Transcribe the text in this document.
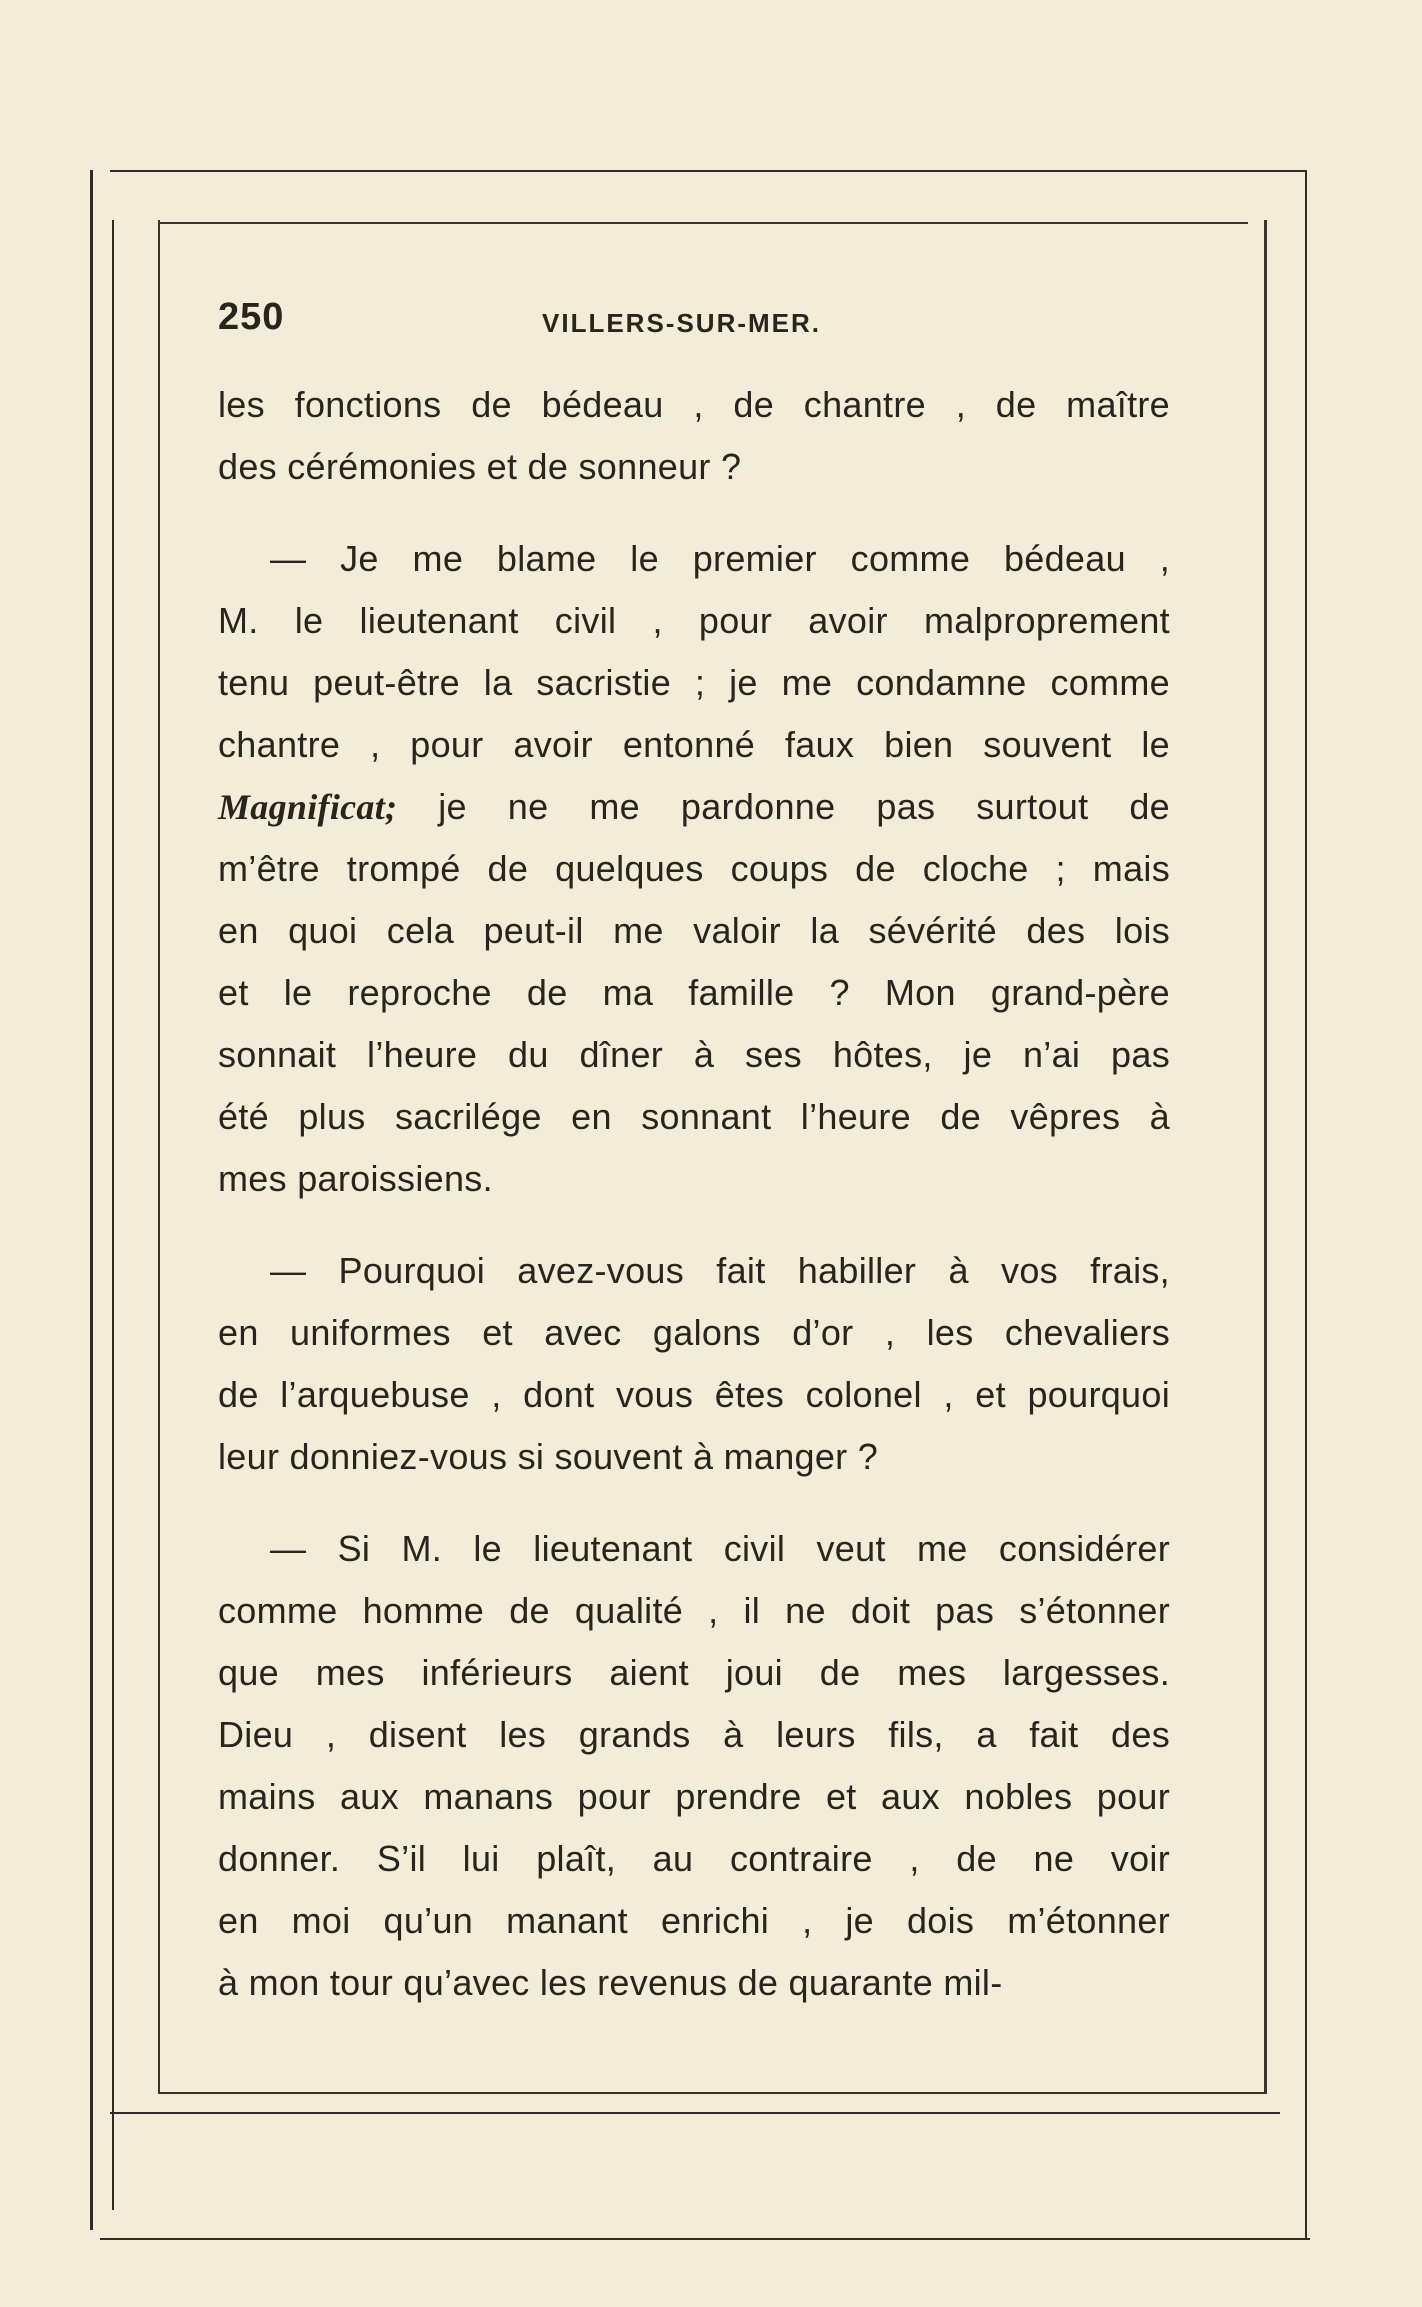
250	VILLERS-SUR-MER.
les fonctions de bédeau , de chantre , de maître
des cérémonies et de sonneur ?
— Je me blame le premier comme bédeau ,
M. le lieutenant civil , pour avoir malproprement
tenu peut-être la sacristie ; je me condamne comme
chantre , pour avoir entonné faux bien souvent le
Magnificat; je ne me pardonne pas surtout de
m’être trompé de quelques coups de cloche ; mais
en quoi cela peut-il me valoir la sévérité des lois
et le reproche de ma famille ? Mon grand-père
sonnait l’heure du dîner à ses hôtes, je n’ai pas
été plus sacrilége en sonnant l’heure de vêpres à
mes paroissiens.
— Pourquoi avez-vous fait habiller à vos frais,
en uniformes et avec galons d’or , les chevaliers
de l’arquebuse , dont vous êtes colonel , et pourquoi
leur donniez-vous si souvent à manger ?
— Si M. le lieutenant civil veut me considérer
comme homme de qualité , il ne doit pas s’étonner
que mes inférieurs aient joui de mes largesses.
Dieu , disent les grands à leurs fils, a fait des
mains aux manans pour prendre et aux nobles pour
donner. S’il lui plaît, au contraire , de ne voir
en moi qu’un manant enrichi , je dois m’étonner
à mon tour qu’avec les revenus de quarante mil-
